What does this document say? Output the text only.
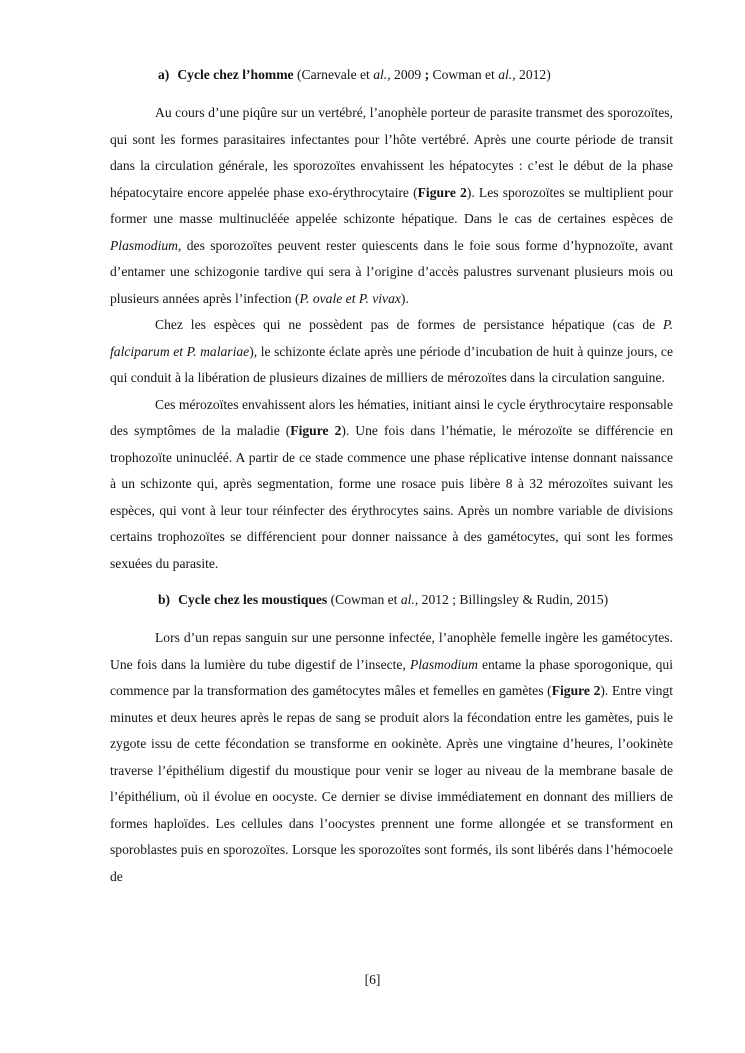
a) Cycle chez l’homme (Carnevale et al., 2009 ; Cowman et al., 2012)

Au cours d’une piqûre sur un vertébré, l’anophèle porteur de parasite transmet des sporozoïtes, qui sont les formes parasitaires infectantes pour l’hôte vertébré. Après une courte période de transit dans la circulation générale, les sporozoïtes envahissent les hépatocytes : c’est le début de la phase hépatocytaire encore appelée phase exo-érythrocytaire (Figure 2). Les sporozoïtes se multiplient pour former une masse multinucléée appelée schizonte hépatique. Dans le cas de certaines espèces de Plasmodium, des sporozoïtes peuvent rester quiescents dans le foie sous forme d’hypnozoïte, avant d’entamer une schizogonie tardive qui sera à l’origine d’accès palustres survenant plusieurs mois ou plusieurs années après l’infection (P. ovale et P. vivax).

Chez les espèces qui ne possèdent pas de formes de persistance hépatique (cas de P. falciparum et P. malariae), le schizonte éclate après une période d’incubation de huit à quinze jours, ce qui conduit à la libération de plusieurs dizaines de milliers de mérozoïtes dans la circulation sanguine.

Ces mérozoïtes envahissent alors les hématies, initiant ainsi le cycle érythrocytaire responsable des symptômes de la maladie (Figure 2). Une fois dans l’hématie, le mérozoïte se différencie en trophozoïte uninucléé. A partir de ce stade commence une phase réplicative intense donnant naissance à un schizonte qui, après segmentation, forme une rosace puis libère 8 à 32 mérozoïtes suivant les espèces, qui vont à leur tour réinfecter des érythrocytes sains. Après un nombre variable de divisions certains trophozoïtes se différencient pour donner naissance à des gamétocytes, qui sont les formes sexuées du parasite.

b) Cycle chez les moustiques (Cowman et al., 2012 ; Billingsley & Rudin, 2015)

Lors d’un repas sanguin sur une personne infectée, l’anophèle femelle ingère les gamétocytes. Une fois dans la lumière du tube digestif de l’insecte, Plasmodium entame la phase sporogonique, qui commence par la transformation des gamétocytes mâles et femelles en gamètes (Figure 2). Entre vingt minutes et deux heures après le repas de sang se produit alors la fécondation entre les gamètes, puis le zygote issu de cette fécondation se transforme en ookinète. Après une vingtaine d’heures, l’ookinète traverse l’épithélium digestif du moustique pour venir se loger au niveau de la membrane basale de l’épithélium, où il évolue en oocyste. Ce dernier se divise immédiatement en donnant des milliers de formes haploïdes. Les cellules dans l’oocystes prennent une forme allongée et se transforment en sporoblastes puis en sporozoïtes. Lorsque les sporozoïtes sont formés, ils sont libérés dans l’hémocoele de

[6]
